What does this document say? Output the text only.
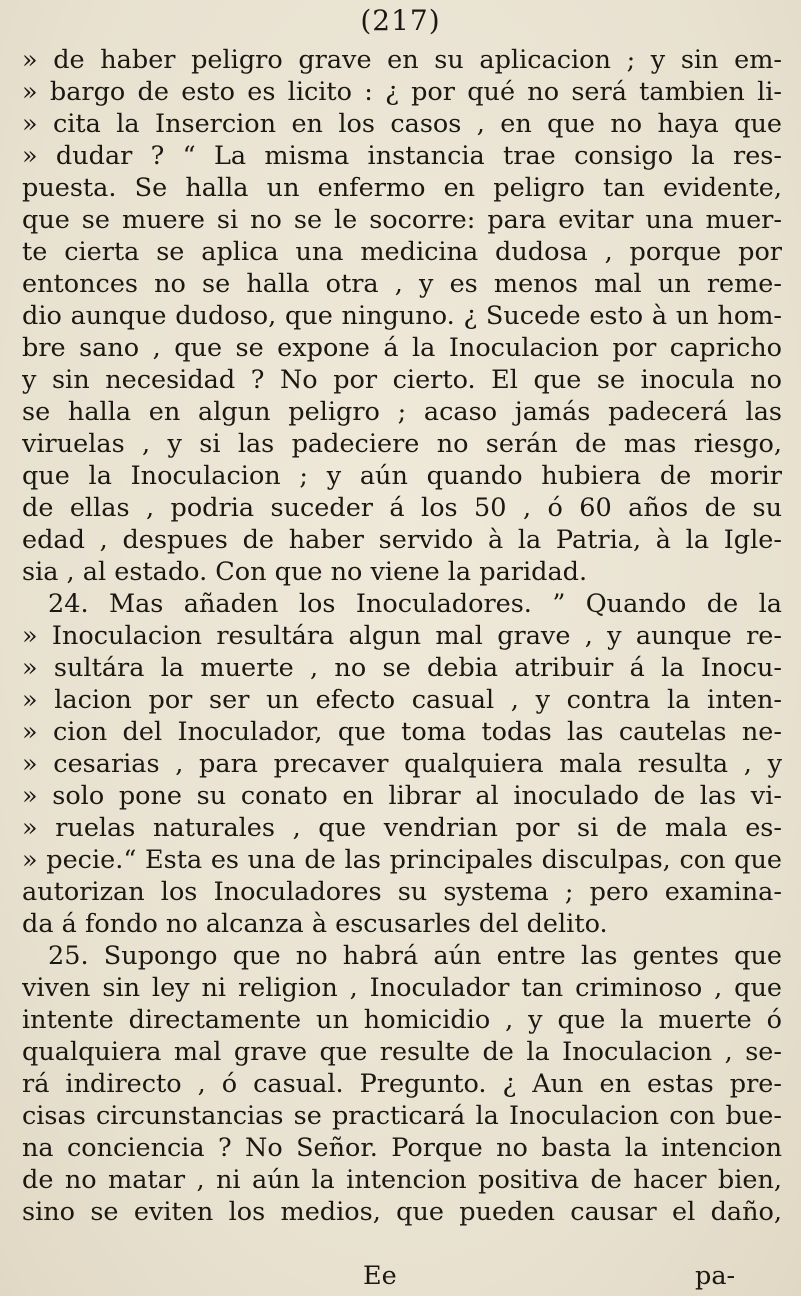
(217)
» de haber peligro grave en su aplicacion ; y sin em-
» bargo de esto es licito : ¿ por qué no será tambien li-
» cita la Insercion en los casos , en que no haya que
» dudar ? “ La misma instancia trae consigo la res-
puesta. Se halla un enfermo en peligro tan evidente,
que se muere si no se le socorre: para evitar una muer-
te cierta se aplica una medicina dudosa , porque por
entonces no se halla otra , y es menos mal un reme-
dio aunque dudoso, que ninguno. ¿ Sucede esto à un hom-
bre sano , que se expone á la Inoculacion por capricho
y sin necesidad ? No por cierto. El que se inocula no
se halla en algun peligro ; acaso jamás padecerá las
viruelas , y si las padeciere no serán de mas riesgo,
que la Inoculacion ; y aún quando hubiera de morir
de ellas , podria suceder á los 50 , ó 60 años de su
edad , despues de haber servido à la Patria, à la Igle-
sia , al estado. Con que no viene la paridad.
24. Mas añaden los Inoculadores. ” Quando de la
» Inoculacion resultára algun mal grave , y aunque re-
» sultára la muerte , no se debia atribuir á la Inocu-
» lacion por ser un efecto casual , y contra la inten-
» cion del Inoculador, que toma todas las cautelas ne-
» cesarias , para precaver qualquiera mala resulta , y
» solo pone su conato en librar al inoculado de las vi-
» ruelas naturales , que vendrian por si de mala es-
» pecie.“ Esta es una de las principales disculpas, con que
autorizan los Inoculadores su systema ; pero examina-
da á fondo no alcanza à escusarles del delito.
25. Supongo que no habrá aún entre las gentes que
viven sin ley ni religion , Inoculador tan criminoso , que
intente directamente un homicidio , y que la muerte ó
qualquiera mal grave que resulte de la Inoculacion , se-
rá indirecto , ó casual. Pregunto. ¿ Aun en estas pre-
cisas circunstancias se practicará la Inoculacion con bue-
na conciencia ? No Señor. Porque no basta la intencion
de no matar , ni aún la intencion positiva de hacer bien,
sino se eviten los medios, que pueden causar el daño,
Ee	pa-
